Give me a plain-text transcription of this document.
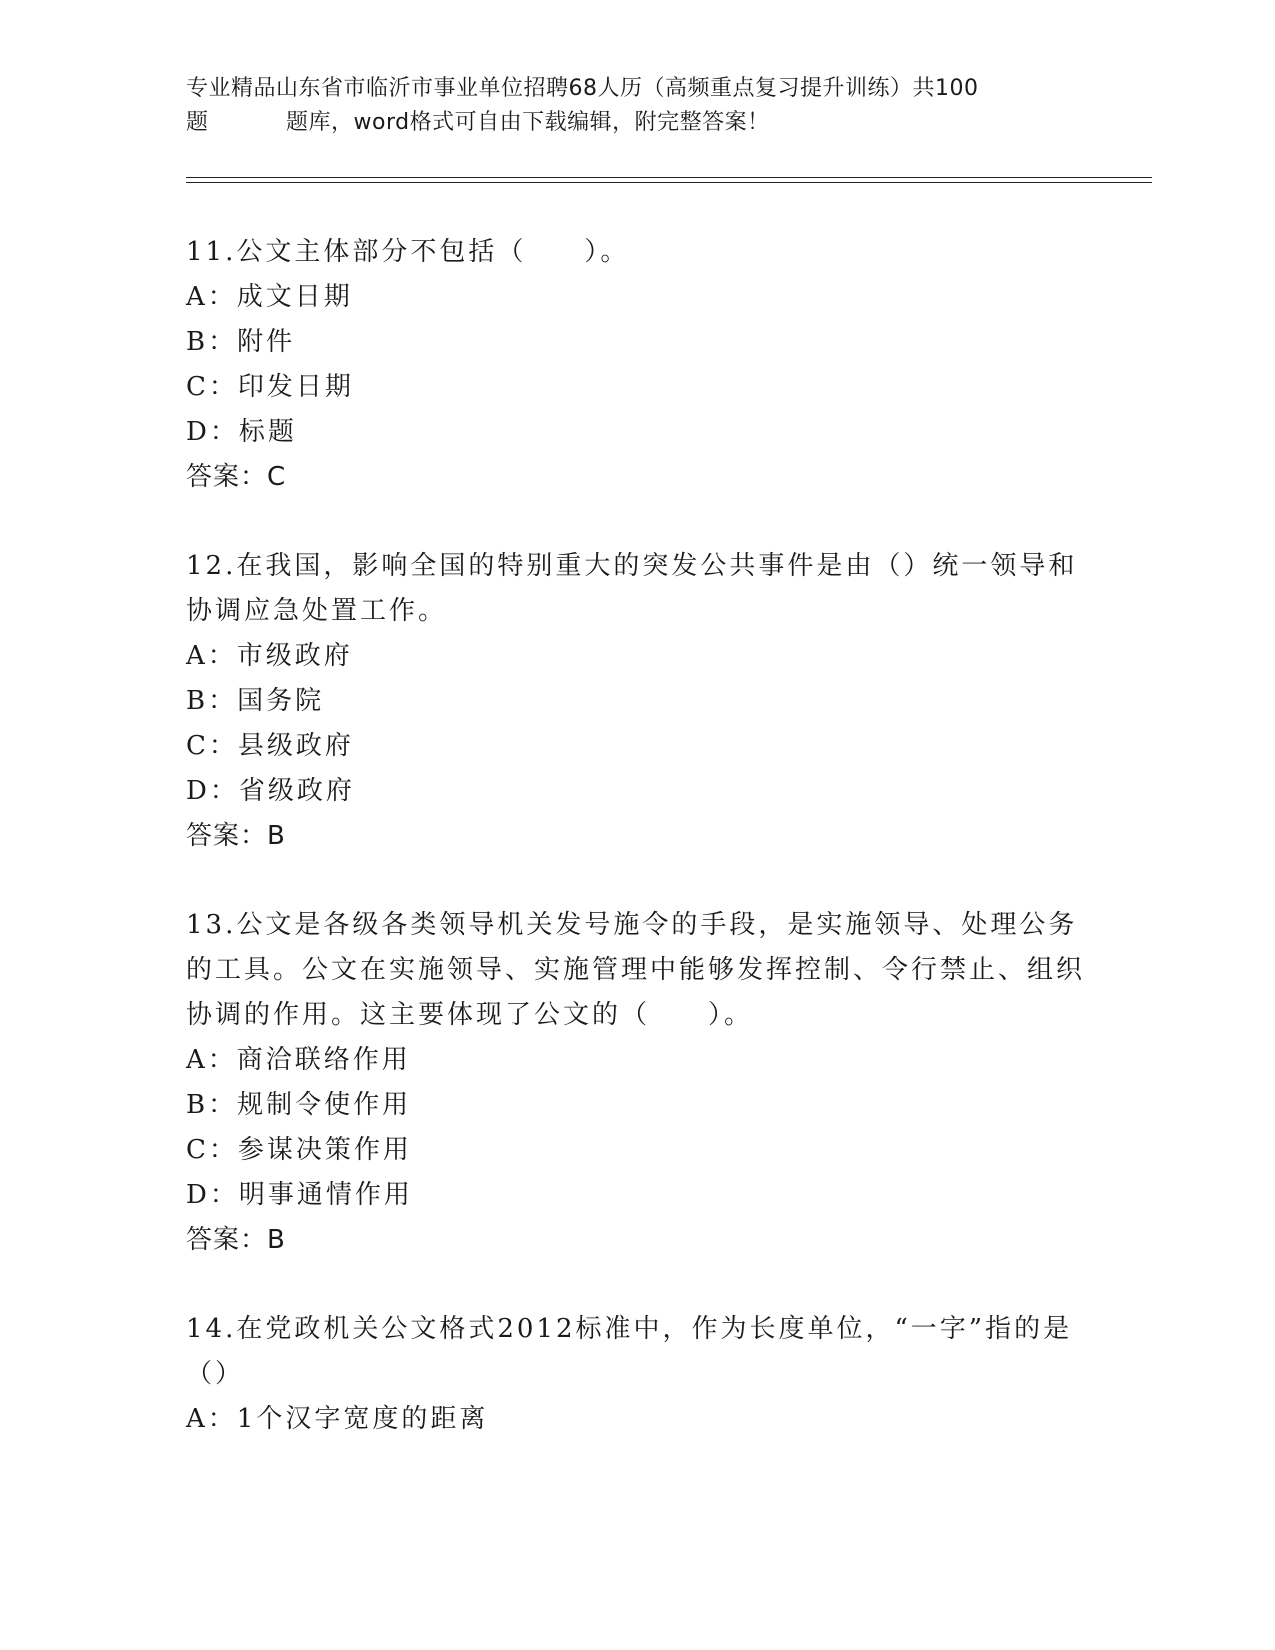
专业精品山东省市临沂市事业单位招聘68人历（高频重点复习提升训练）共100
题	题库，word格式可自由下载编辑，附完整答案！

11.公文主体部分不包括（　　）。

A：成文日期

B：附件

C：印发日期

D：标题

答案：C

12.在我国，影响全国的特别重大的突发公共事件是由（）统一领导和协调应急处置工作。

A：市级政府

B：国务院

C：县级政府

D：省级政府

答案：B

13.公文是各级各类领导机关发号施令的手段，是实施领导、处理公务的工具。公文在实施领导、实施管理中能够发挥控制、令行禁止、组织协调的作用。这主要体现了公文的（　　）。

A：商洽联络作用

B：规制令使作用

C：参谋决策作用

D：明事通情作用

答案：B

14.在党政机关公文格式2012标准中，作为长度单位，“一字”指的是（）

A：1个汉字宽度的距离
